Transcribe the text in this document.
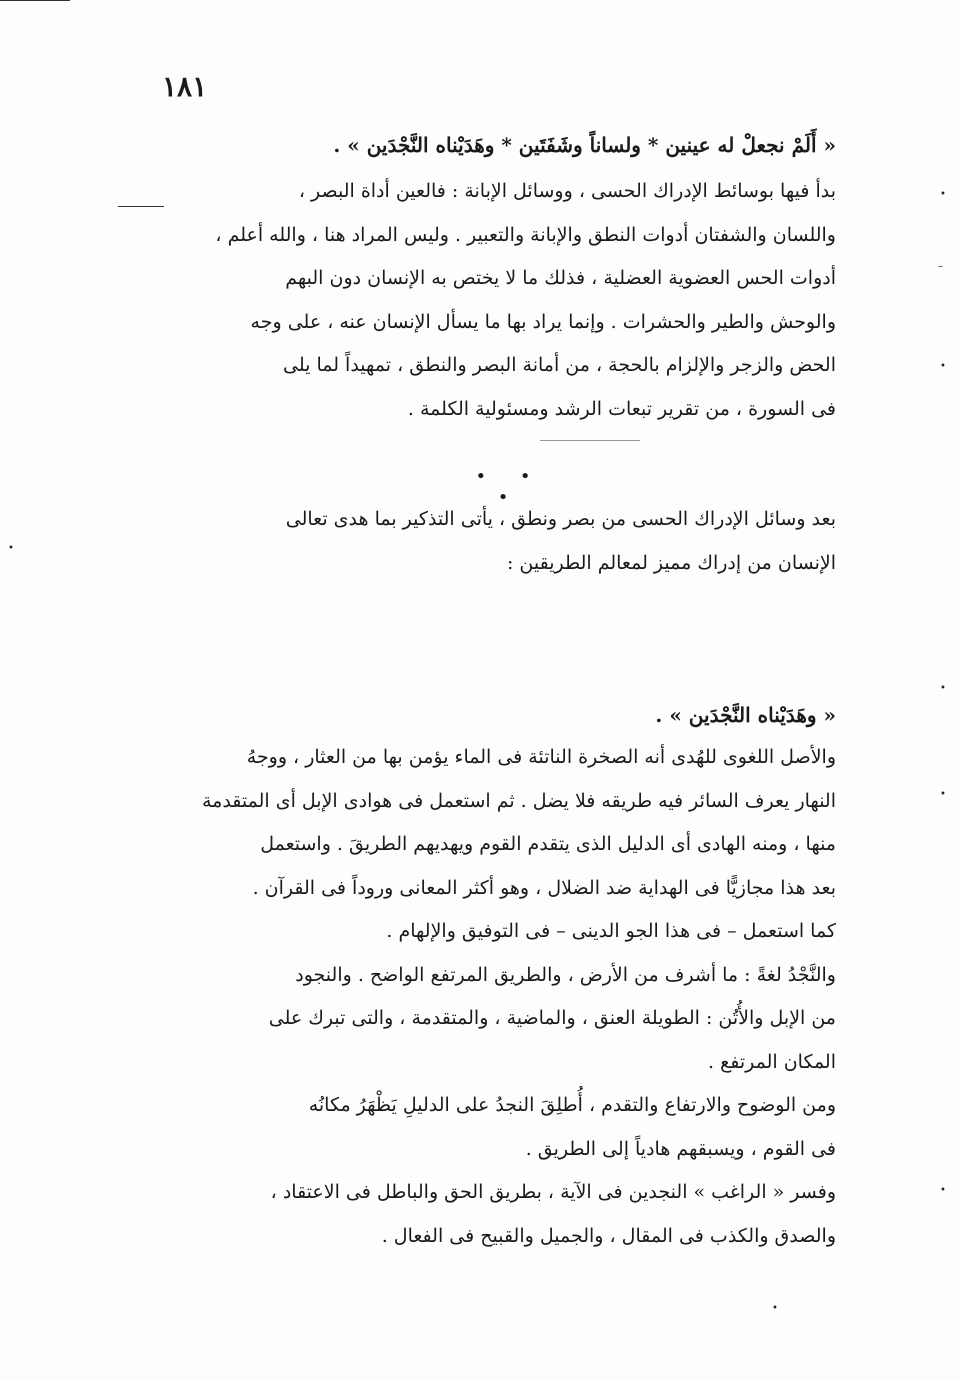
•
–
•
•
•
•
•
•
١٨١

« أَلَمْ نجعلْ له عينين * ولساناً وشَفَتَين * وهَدَيْناه النَّجْدَين » .

بدأ فيها بوسائط الإدراك الحسى ، ووسائل الإبانة : فالعين أداة البصر ،

واللسان والشفتان أدوات النطق والإبانة والتعبير . وليس المراد هنا ، والله أعلم ،

أدوات الحس العضوية العضلية ، فذلك ما لا يختص به الإنسان دون البهم

والوحش والطير والحشرات . وإنما يراد بها ما يسأل الإنسان عنه ، على وجه

الحض والزجر والإلزام بالحجة ، من أمانة البصر والنطق ، تمهيداً لما يلى

فى السورة ، من تقرير تبعات الرشد ومسئولية الكلمة .

• • •

بعد وسائل الإدراك الحسى من بصر ونطق ، يأتى التذكير بما هدى تعالى

الإنسان من إدراك مميز لمعالم الطريقين :

« وهَدَيْناه النَّجْدَين » .

والأصل اللغوى للهُدى أنه الصخرة الناتئة فى الماء يؤمن بها من العثار ، ووجهُ

النهار يعرف السائر فيه طريقه فلا يضل . ثم استعمل فى هوادى الإبل أى المتقدمة

منها ، ومنه الهادى أى الدليل الذى يتقدم القوم ويهديهم الطريقَ . واستعمل

بعد هذا مجازيًّا فى الهداية ضد الضلال ، وهو أكثر المعانى وروداً فى القرآن .

كما استعمل – فى هذا الجو الدينى – فى التوفيق والإلهام .

والنَّجْدُ لغةً : ما أشرف من الأرض ، والطريق المرتفع الواضح . والنجود

من الإبل والأُتُن : الطويلة العنق ، والماضية ، والمتقدمة ، والتى تبرك على

المكان المرتفع .

ومن الوضوح والارتفاع والتقدم ، أُطلِقَ النجدُ على الدليلِ يَظْهَرُ مكانُه

فى القوم ، ويسبقهم هادياً إلى الطريق .

وفسر « الراغب » النجدين فى الآية ، بطريق الحق والباطل فى الاعتقاد ،

والصدق والكذب فى المقال ، والجميل والقبيح فى الفعال .
